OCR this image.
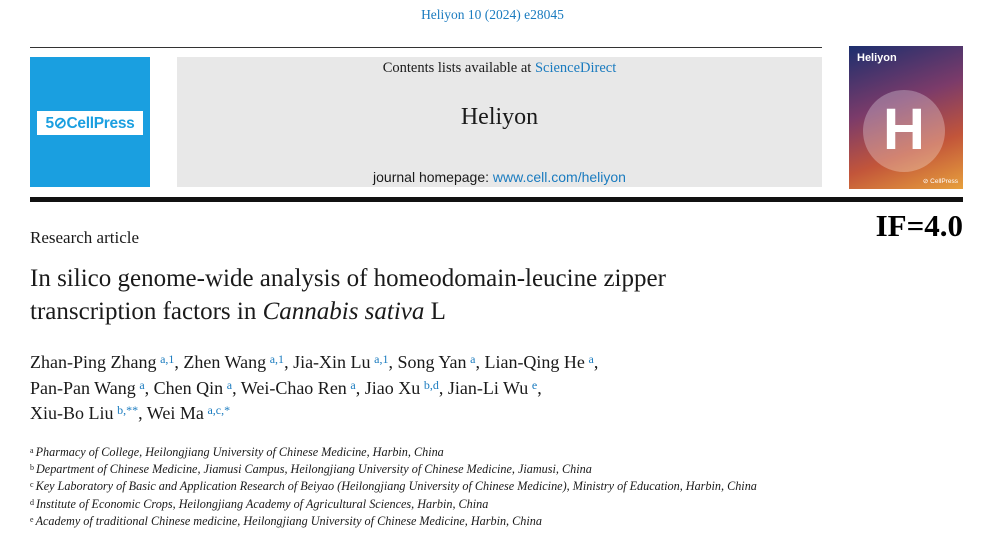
Heliyon 10 (2024) e28045
5⊘CellPress
Contents lists available at ScienceDirect
Heliyon
journal homepage: www.cell.com/heliyon
Heliyon
H
⊘ CellPress
IF=4.0
Research article
In silico genome-wide analysis of homeodomain-leucine zipper
transcription factors in Cannabis sativa L
Zhan-Ping Zhang  $^{a,1}$, Zhen Wang  $^{a,1}$, Jia-Xin Lu  $^{a,1}$, Song Yan  $^a$, Lian-Qing He  $^a$,
Pan-Pan Wang  $^a$, Chen Qin  $^a$, Wei-Chao Ren  $^a$, Jiao Xu  $^{b,d}$, Jian-Li Wu  $^e$,
Xiu-Bo Liu  $^{b,**}$, Wei Ma  $^{a,c,*}$
$^a$ Pharmacy of College, Heilongjiang University of Chinese Medicine, Harbin, China
$^b$ Department of Chinese Medicine, Jiamusi Campus, Heilongjiang University of Chinese Medicine, Jiamusi, China
$^c$ Key Laboratory of Basic and Application Research of Beiyao (Heilongjiang University of Chinese Medicine), Ministry of Education, Harbin, China
$^d$ Institute of Economic Crops, Heilongjiang Academy of Agricultural Sciences, Harbin, China
$^e$ Academy of traditional Chinese medicine, Heilongjiang University of Chinese Medicine, Harbin, China
